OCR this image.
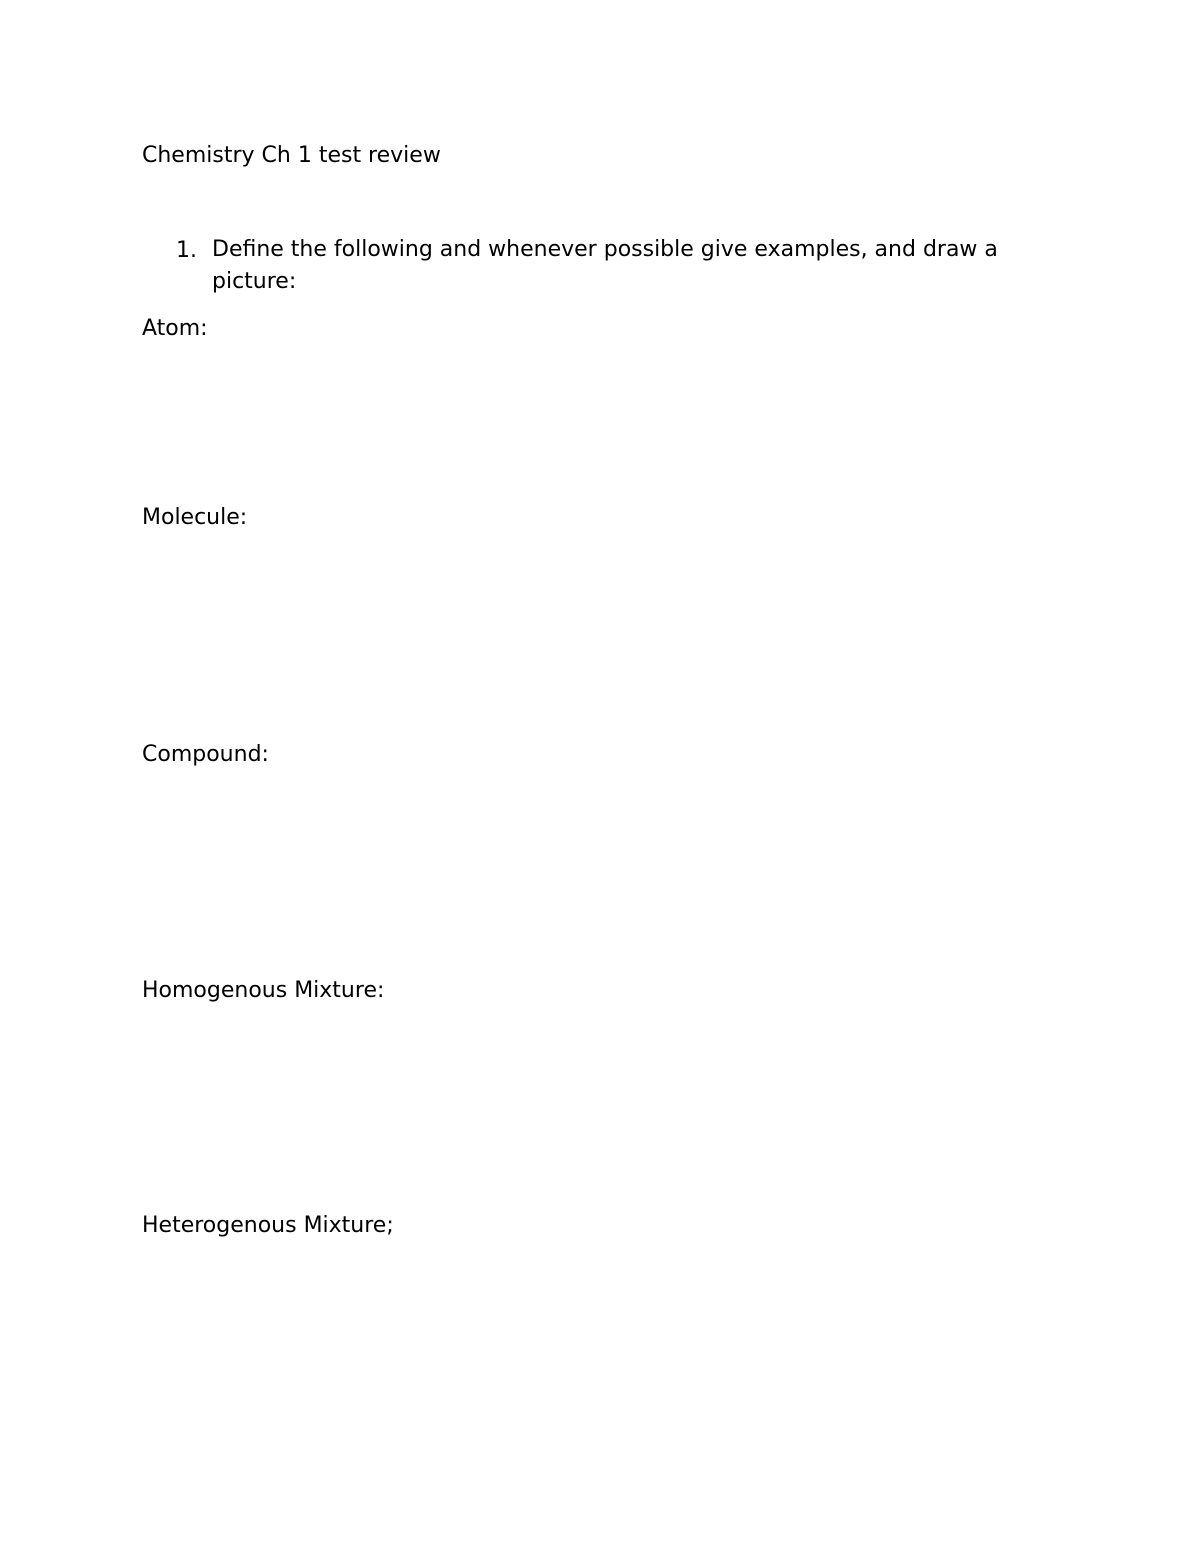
Chemistry Ch 1 test review
1. Define the following and whenever possible give examples, and draw a
picture:
Atom:
Molecule:
Compound:
Homogenous Mixture:
Heterogenous Mixture;
